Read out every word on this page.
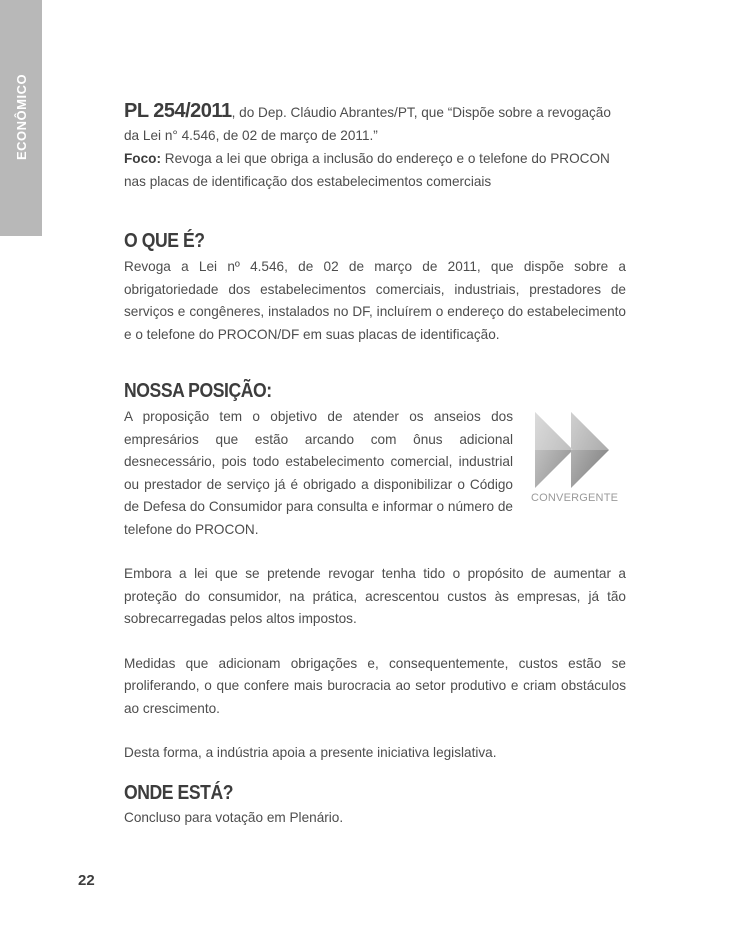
ECONÔMICO	PL 254/2011, do Dep. Cláudio Abrantes/PT, que “Dispõe sobre a revogação da Lei n° 4.546, de 02 de março de 2011.”

Foco: Revoga a lei que obriga a inclusão do endereço e o telefone do PROCON nas placas de identificação dos estabelecimentos comerciais

O QUE É?

Revoga a Lei nº 4.546, de 02 de março de 2011, que dispõe sobre a obrigatoriedade dos estabelecimentos comerciais, industriais, prestadores de serviços e congêneres, instalados no DF, incluírem o endereço do estabelecimento e o telefone do PROCON/DF em suas placas de identificação.

NOSSA POSIÇÃO:

A proposição tem o objetivo de atender os anseios dos empresários que estão arcando com ônus adicional desnecessário, pois todo estabelecimento comercial, industrial ou prestador de serviço já é obrigado a disponibilizar o Código de Defesa do Consumidor para consulta e informar o número de telefone do PROCON.

Embora a lei que se pretende revogar tenha tido o propósito de aumentar a proteção do consumidor, na prática, acrescentou custos às empresas, já tão sobrecarregadas pelos altos impostos.

Medidas que adicionam obrigações e, consequentemente, custos estão se proliferando, o que confere mais burocracia ao setor produtivo e criam obstáculos ao crescimento.

Desta forma, a indústria apoia a presente iniciativa legislativa.

CONVERGENTE
ONDE ESTÁ?

Concluso para votação em Plenário.

22
